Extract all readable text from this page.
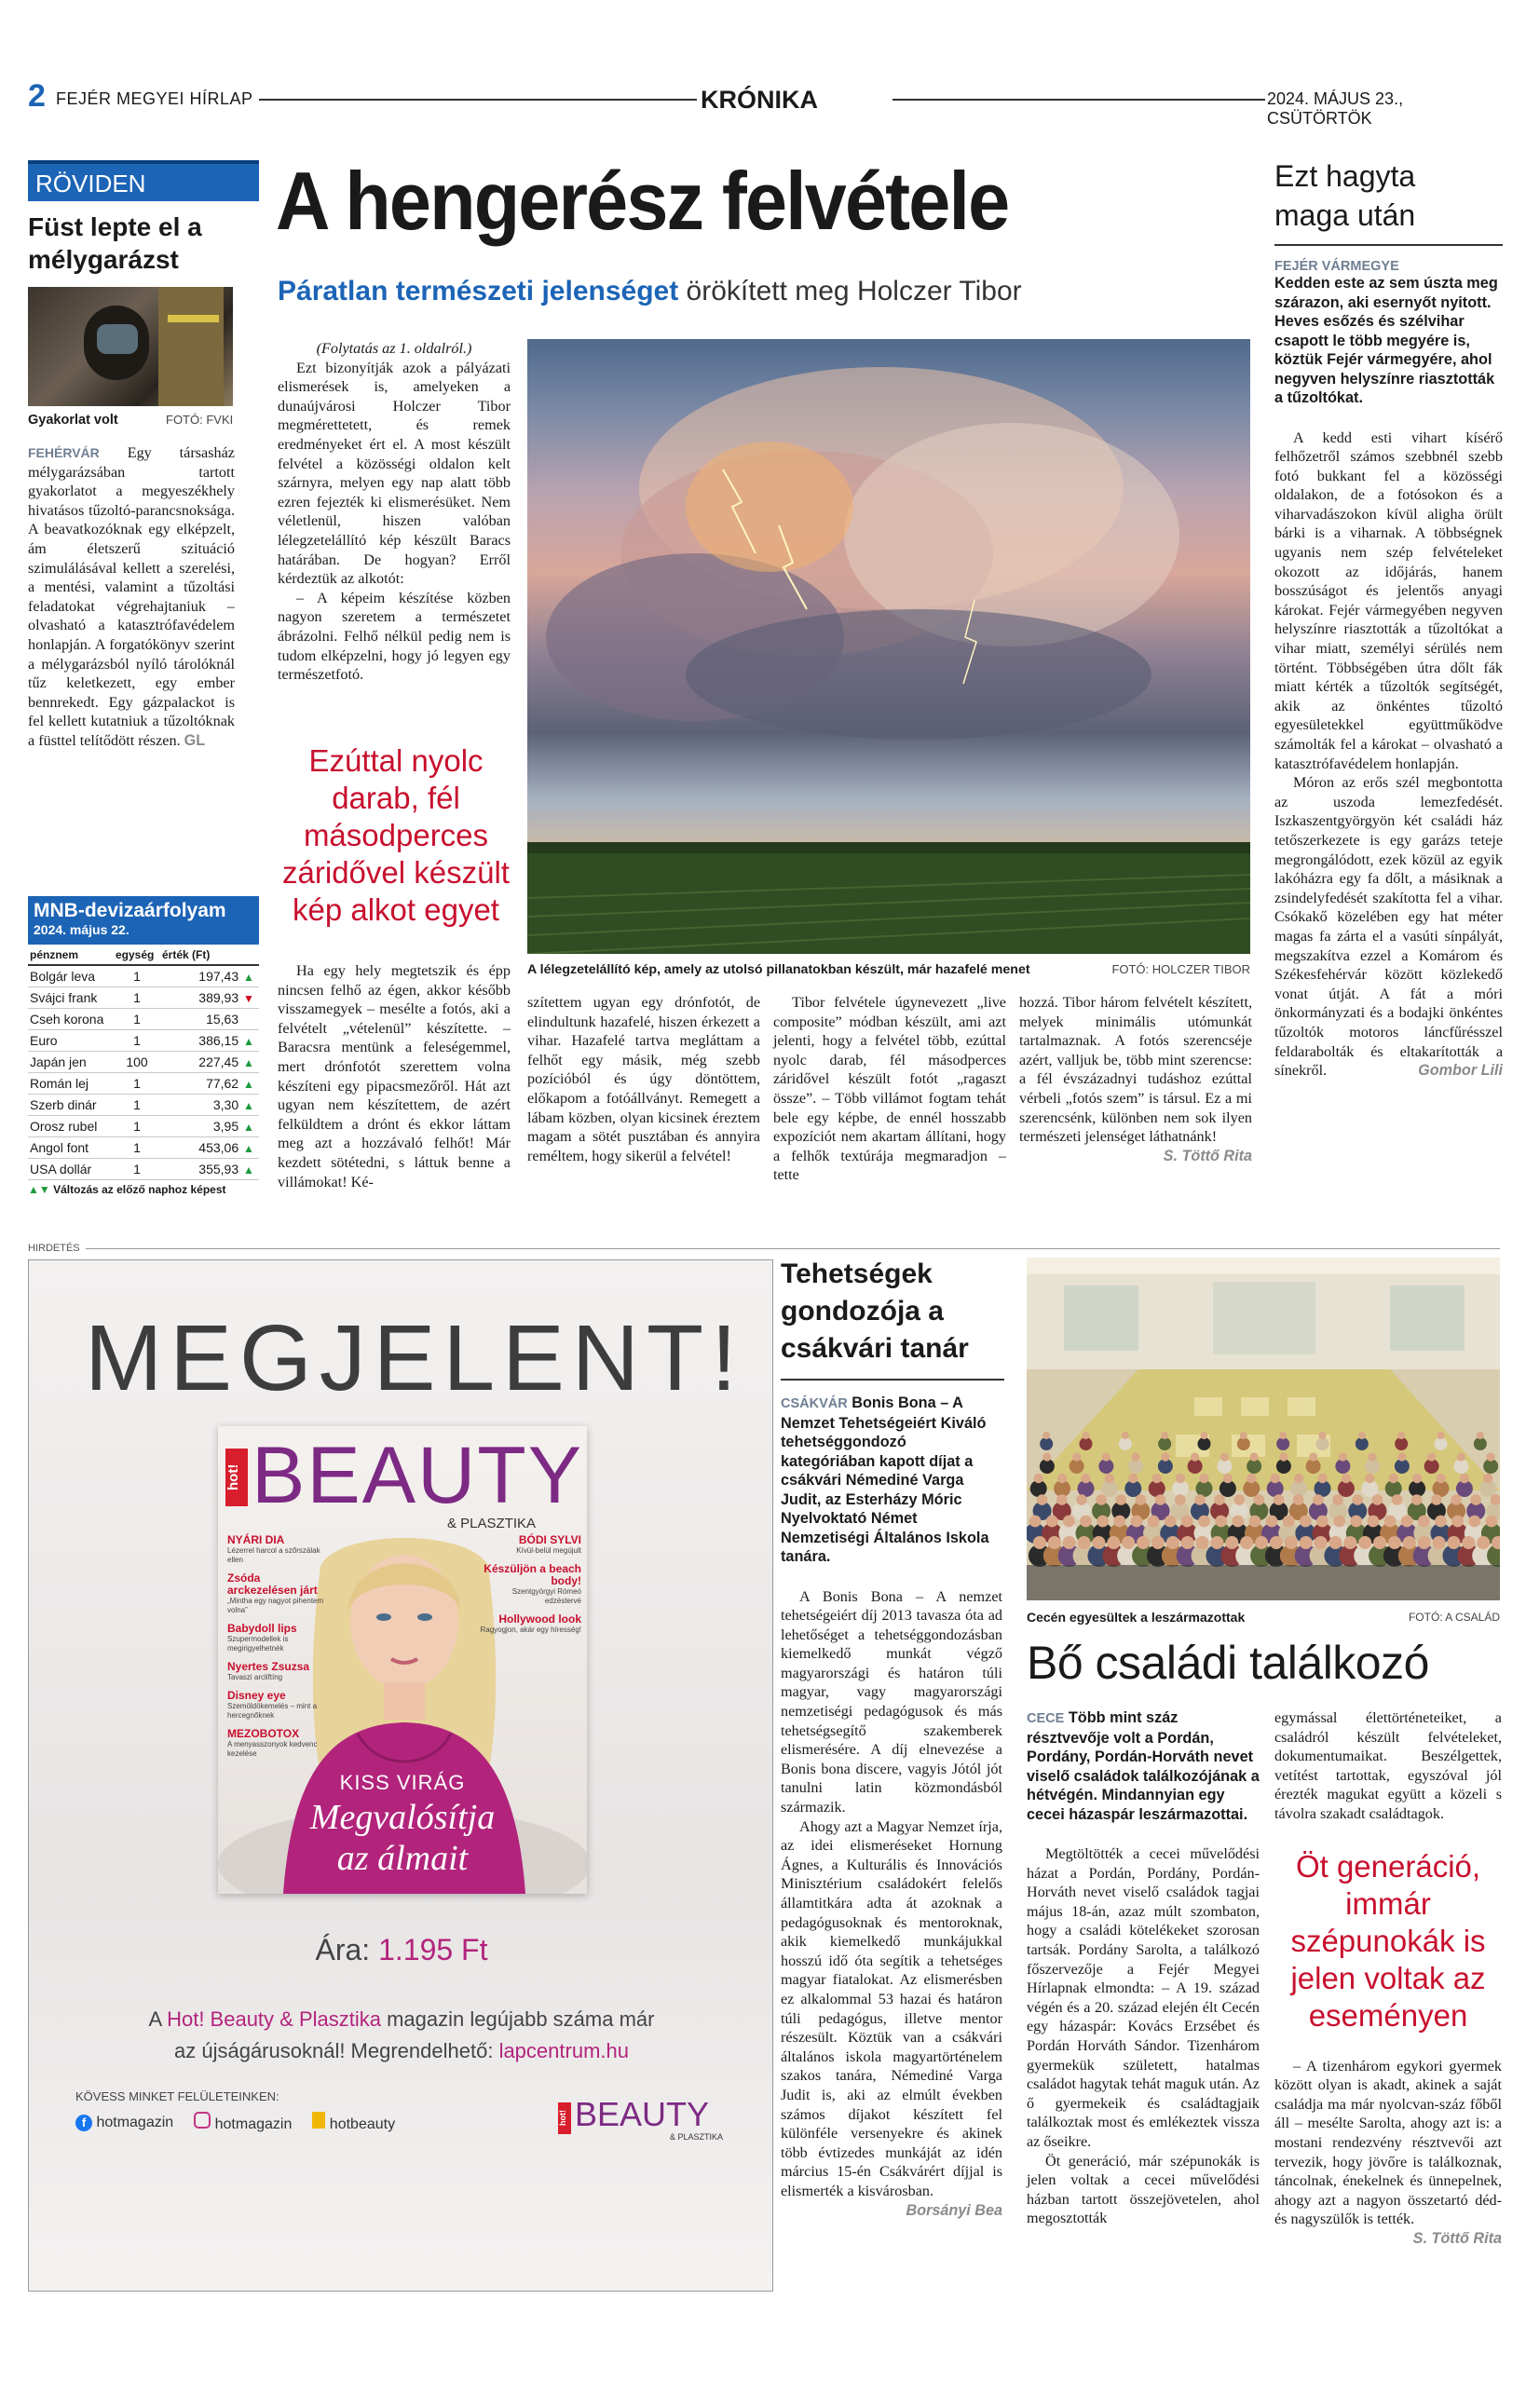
2 FEJÉR MEGYEI HÍRLAP	KRÓNIKA	2024. MÁJUS 23., CSÜTÖRTÖK
RÖVIDEN
Füst lepte el a mélygarázst
Gyakorlat volt	FOTÓ: FVKI
FEHÉRVÁR Egy társasház mélygarázsában tartott gyakorlatot a megyeszékhely hivatásos tűzoltó-parancsnoksága. A beavatkozóknak egy elképzelt, ám életszerű szituáció szimulálásával kellett a szerelési, a mentési, valamint a tűzoltási feladatokat végrehajtaniuk – olvasható a katasztrófavédelem honlapján. A forgatókönyv szerint a mélygarázsból nyíló tárolóknál tűz keletkezett, egy ember bennrekedt. Egy gázpalackot is fel kellett kutatniuk a tűzoltóknak a füsttel telítődött részen. GL
MNB-devizaárfolyam
2024. május 22.
pénznem	egység	érték (Ft)
Bolgár leva	1	197,43 ▲
Svájci frank	1	389,93 ▼
Cseh korona	1	15,63
Euro	1	386,15 ▲
Japán jen	100	227,45 ▲
Román lej	1	77,62 ▲
Szerb dinár	1	3,30 ▲
Orosz rubel	1	3,95 ▲
Angol font	1	453,06 ▲
USA dollár	1	355,93 ▲
▲▼ Változás az előző naphoz képest
A hengerész felvétele
Páratlan természeti jelenséget örökített meg Holczer Tibor
(Folytatás az 1. oldalról.)
Ezt bizonyítják azok a pályázati elismerések is, amelyeken a dunaújvárosi Holczer Tibor megmérettetett, és remek eredményeket ért el. A most készült felvétel a közösségi oldalon kelt szárnyra, melyen egy nap alatt több ezren fejezték ki elismerésüket. Nem véletlenül, hiszen valóban lélegzetelállító kép készült Baracs határában. De hogyan? Erről kérdeztük az alkotót:
– A képeim készítése közben nagyon szeretem a természetet ábrázolni. Felhő nélkül pedig nem is tudom elképzelni, hogy jó legyen egy természetfotó.
Ezúttal nyolc darab, fél másodperces záridővel készült kép alkot egyet
Ha egy hely megtetszik és épp nincsen felhő az égen, akkor később visszamegyek – mesélte a fotós, aki a felvételt „vételenül” készítette. – Baracsra mentünk a feleségemmel, mert drónfotót szerettem volna készíteni egy pipacsmezőről. Hát azt ugyan nem készítettem, de azért felküldtem a drónt és ekkor láttam meg azt a hozzávaló felhőt! Már kezdett sötétedni, s láttuk benne a villámokat! Ké-
A lélegzetelállító kép, amely az utolsó pillanatokban készült, már hazafelé menet	FOTÓ: HOLCZER TIBOR
szítettem ugyan egy drónfotót, de elindultunk hazafelé, hiszen érkezett a vihar. Hazafelé tartva megláttam a felhőt egy másik, még szebb pozícióból és úgy döntöttem, előkapom a fotóállványt. Remegett a lábam közben, olyan kicsinek éreztem magam a sötét pusztában és annyira reméltem, hogy sikerül a felvétel!
Tibor felvétele úgynevezett „live composite” módban készült, ami azt jelenti, hogy a felvétel több, ezúttal nyolc darab, fél másodperces záridővel készült fotót „ragaszt össze”. – Több villámot fogtam tehát bele egy képbe, de ennél hosszabb expozíciót nem akartam állítani, hogy a felhők textúrája megmaradjon – tette
hozzá. Tibor három felvételt készített, melyek minimális utómunkát tartalmaznak. A fotós szerencséje azért, valljuk be, több mint szerencse: a fél évszázadnyi tudáshoz ezúttal vérbeli „fotós szem” is társul. Ez a mi szerencsénk, különben nem sok ilyen természeti jelenséget láthatnánk!
S. Töttő Rita
Ezt hagyta maga után
FEJÉR VÁRMEGYE
Kedden este az sem úszta meg szárazon, aki esernyőt nyitott. Heves esőzés és szélvihar csapott le több megyére is, köztük Fejér vármegyére, ahol negyven helyszínre riasztották a tűzoltókat.
A kedd esti vihart kísérő felhőzetről számos szebbnél szebb fotó bukkant fel a közösségi oldalakon, de a fotósokon és a viharvadászokon kívül aligha örült bárki is a viharnak. A többségnek ugyanis nem szép felvételeket okozott az időjárás, hanem bosszúságot és jelentős anyagi károkat. Fejér vármegyében negyven helyszínre riasztották a tűzoltókat a vihar miatt, személyi sérülés nem történt. Többségében útra dőlt fák miatt kérték a tűzoltók segítségét, akik az önkéntes tűzoltó egyesületekkel együttműködve számolták fel a károkat – olvasható a katasztrófavédelem honlapján.
Móron az erős szél megbontotta az uszoda lemezfedését. Iszkaszentgyörgyön két családi ház tetőszerkezete is egy garázs teteje megrongálódott, ezek közül az egyik lakóházra egy fa dőlt, a másiknak a zsindelyfedését szakította fel a vihar. Csókakő közelében egy hat méter magas fa zárta el a vasúti sínpályát, megszakítva ezzel a Komárom és Székesfehérvár között közlekedő vonat útját. A fát a móri önkormányzati és a bodajki önkéntes tűzoltók motoros láncfűrésszel feldarabolták és eltakarították a sínekről.	Gombor Lili
HIRDETÉS
MEGJELENT!
hot! BEAUTY
& PLASZTIKA
NYÁRI DIA
Lézerrel harcol a szőrszálak ellen
Zsóda arckezelésen járt
„Mintha egy nagyot pihentem volna”
Babydoll lips
Szupermodellek is megirigyelhetnék
Nyertes Zsuzsa
Tavaszi arcliftíng
Disney eye
Szemöldökemelés – mint a hercegnőknek
MEZOBOTOX
A menyasszonyok kedvenc kezelése
BÓDI SYLVI
Kívül-belül megújult
Készüljön a beach body!
Szentgyörgyi Rómeó edzéstervé
Hollywood look
Ragyogjon, akár egy híresség!
KISS VIRÁG
Megvalósítja
az álmait
Ára: 1.195 Ft
A Hot! Beauty & Plasztika magazin legújabb száma már
az újságárusoknál! Megrendelhető: lapcentrum.hu
KÖVESS MINKET FELÜLETEINKEN:
f hotmagazin	hotmagazin	hotbeauty	hot! BEAUTY
& PLASZTIKA
Tehetségek gondozója a csákvári tanár
CSÁKVÁR Bonis Bona – A Nemzet Tehetségeiért Kiváló tehetséggondozó kategóriában kapott díjat a csákvári Némediné Varga Judit, az Esterházy Móric Nyelvoktató Német Nemzetiségi Általános Iskola tanára.
A Bonis Bona – A nemzet tehetségeiért díj 2013 tavasza óta ad lehetőséget a tehetséggondozásban kiemelkedő munkát végző magyarországi és határon túli magyar, vagy magyarországi nemzetiségi pedagógusok és más tehetségsegítő szakemberek elismerésére. A díj elnevezése a Bonis bona discere, vagyis Jótól jót tanulni latin közmondásból származik.
Ahogy azt a Magyar Nemzet írja, az idei elismeréseket Hornung Ágnes, a Kulturális és Innovációs Minisztérium családokért felelős államtitkára adta át azoknak a pedagógusoknak és mentoroknak, akik kiemelkedő munkájukkal hosszú idő óta segítik a tehetséges magyar fiatalokat. Az elismerésben ez alkalommal 53 hazai és határon túli pedagógus, illetve mentor részesült. Köztük van a csákvári általános iskola magyartörténelem szakos tanára, Némediné Varga Judit is, aki az elmúlt években számos díjakot készített fel különféle versenyekre és akinek több évtizedes munkáját az idén március 15-én Csákvárért díjjal is elismerték a kisvárosban.
Borsányi Bea
Cecén egyesültek a leszármazottak	FOTÓ: A CSALÁD
Bő családi találkozó
CECE Több mint száz résztvevője volt a Pordán, Pordány, Pordán-Horváth nevet viselő családok találkozójának a hétvégén. Mindannyian egy cecei házaspár leszármazottai.
Megtöltötték a cecei művelődési házat a Pordán, Pordány, Pordán-Horváth nevet viselő családok tagjai május 18-án, azaz múlt szombaton, hogy a családi kötelékeket szorosan tartsák. Pordány Sarolta, a találkozó főszervezője a Fejér Megyei Hírlapnak elmondta: – A 19. század végén és a 20. század elején élt Cecén egy házaspár: Kovács Erzsébet és Pordán Horváth Sándor. Tizenhárom gyermekük született, hatalmas családot hagytak tehát maguk után. Az ő gyermekeik és családtagjaik találkoztak most és emlékeztek vissza az őseikre.
Öt generáció, már szépunokák is jelen voltak a cecei művelődési házban tartott összejövetelen, ahol megosztották
egymással élettörténeteiket, a családról készült felvételeket, dokumentumaikat. Beszélgettek, vetítést tartottak, egyszóval jól érezték magukat együtt a közeli s távolra szakadt családtagok.
Öt generáció, immár szépunokák is jelen voltak az eseményen
– A tizenhárom egykori gyermek között olyan is akadt, akinek a saját családja ma már nyolcvan-száz főből áll – mesélte Sarolta, ahogy azt is: a mostani rendezvény résztvevői azt tervezik, hogy jövőre is találkoznak, táncolnak, énekelnek és ünnepelnek, ahogy azt a nagyon összetartó déd- és nagyszülők is tették.
S. Töttő Rita
